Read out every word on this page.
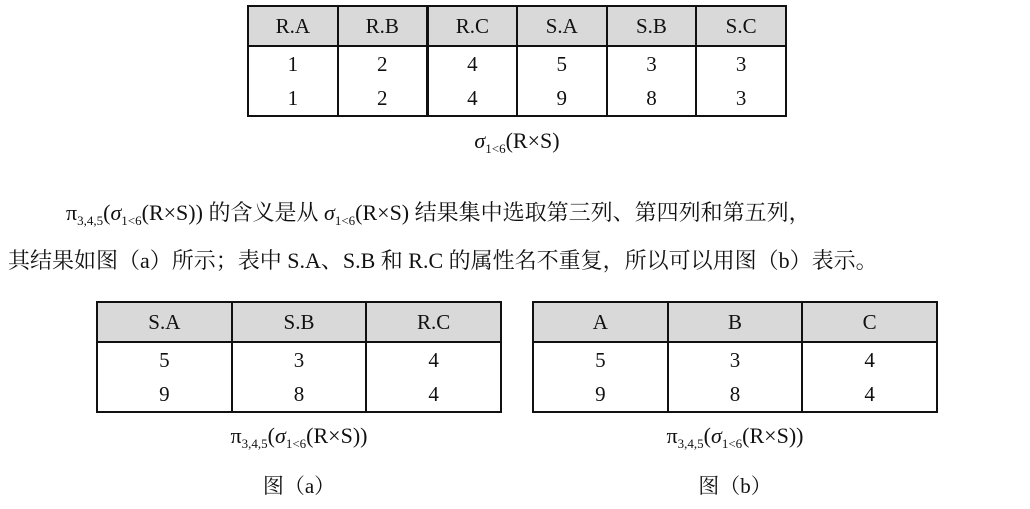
R.A	R.B	R.C	S.A	S.B	S.C
1	2	4	5	3	3
1	2	4	9	8	3
$\sigma_{1<6}(R\times S)$
$\pi_{3,4,5}(\sigma_{1<6}(R\times S))$ 的含义是从 $\sigma_{1<6}(R\times S)$ 结果集中选取第三列、第四列和第五列，
其结果如图（a）所示；表中 S.A、S.B 和 R.C 的属性名不重复，所以可以用图（b）表示。
S.A	S.B	R.C
5	3	4
9	8	4
$\pi_{3,4,5}(\sigma_{1<6}(R\times S))$
图（a）
A	B	C
5	3	4
9	8	4
$\pi_{3,4,5}(\sigma_{1<6}(R\times S))$
图（b）
